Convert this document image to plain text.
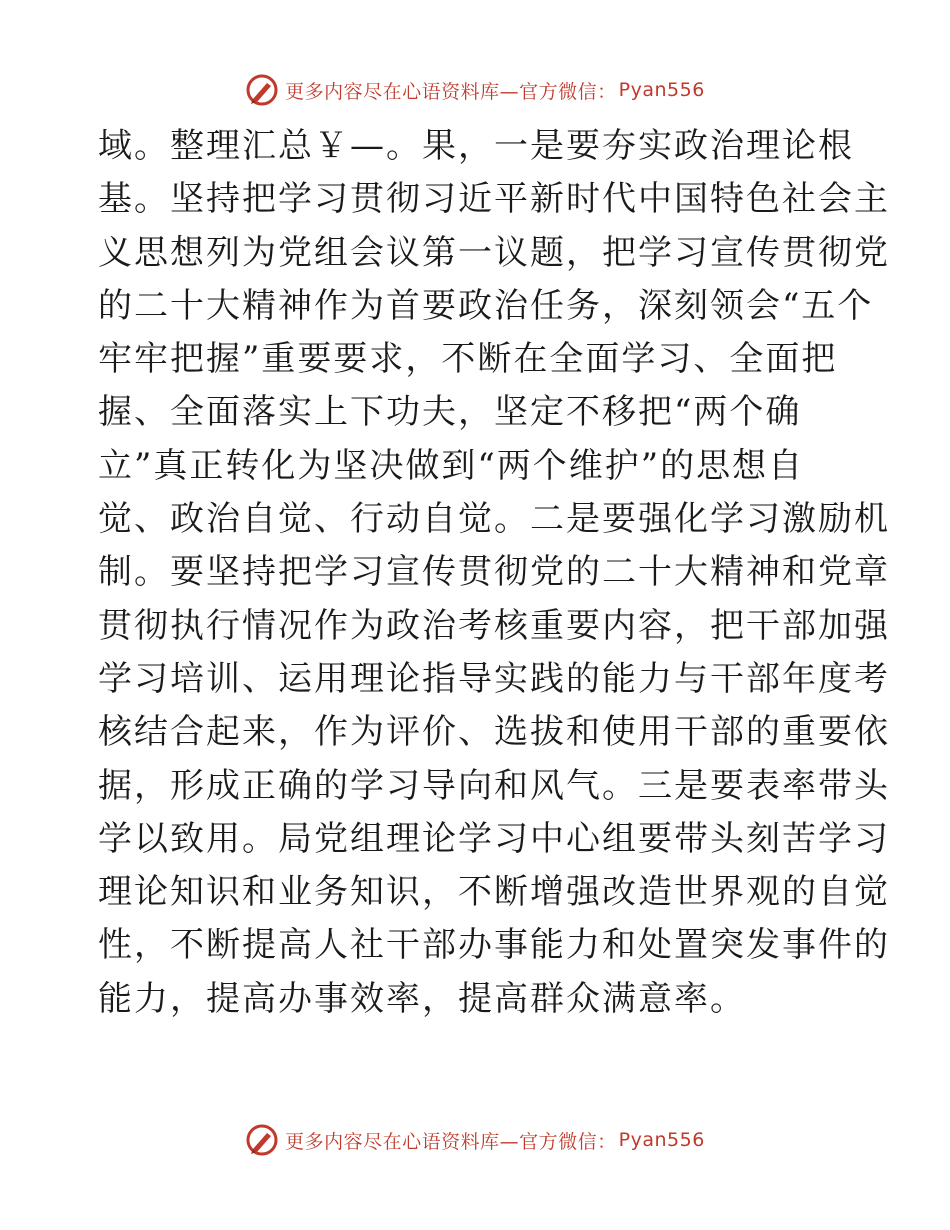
更多内容尽在心语资料库—官方微信： Pyan556
域。整理汇总￥—。果，一是要夯实政治理论根
基。坚持把学习贯彻习近平新时代中国特色社会主
义思想列为党组会议第一议题，把学习宣传贯彻党
的二十大精神作为首要政治任务，深刻领会“五个
牢牢把握”重要要求，不断在全面学习、全面把
握、全面落实上下功夫，坚定不移把“两个确
立”真正转化为坚决做到“两个维护”的思想自
觉、政治自觉、行动自觉。二是要强化学习激励机
制。要坚持把学习宣传贯彻党的二十大精神和党章
贯彻执行情况作为政治考核重要内容，把干部加强
学习培训、运用理论指导实践的能力与干部年度考
核结合起来，作为评价、选拔和使用干部的重要依
据，形成正确的学习导向和风气。三是要表率带头
学以致用。局党组理论学习中心组要带头刻苦学习
理论知识和业务知识，不断增强改造世界观的自觉
性，不断提高人社干部办事能力和处置突发事件的
能力，提高办事效率，提高群众满意率。
更多内容尽在心语资料库—官方微信： Pyan556
